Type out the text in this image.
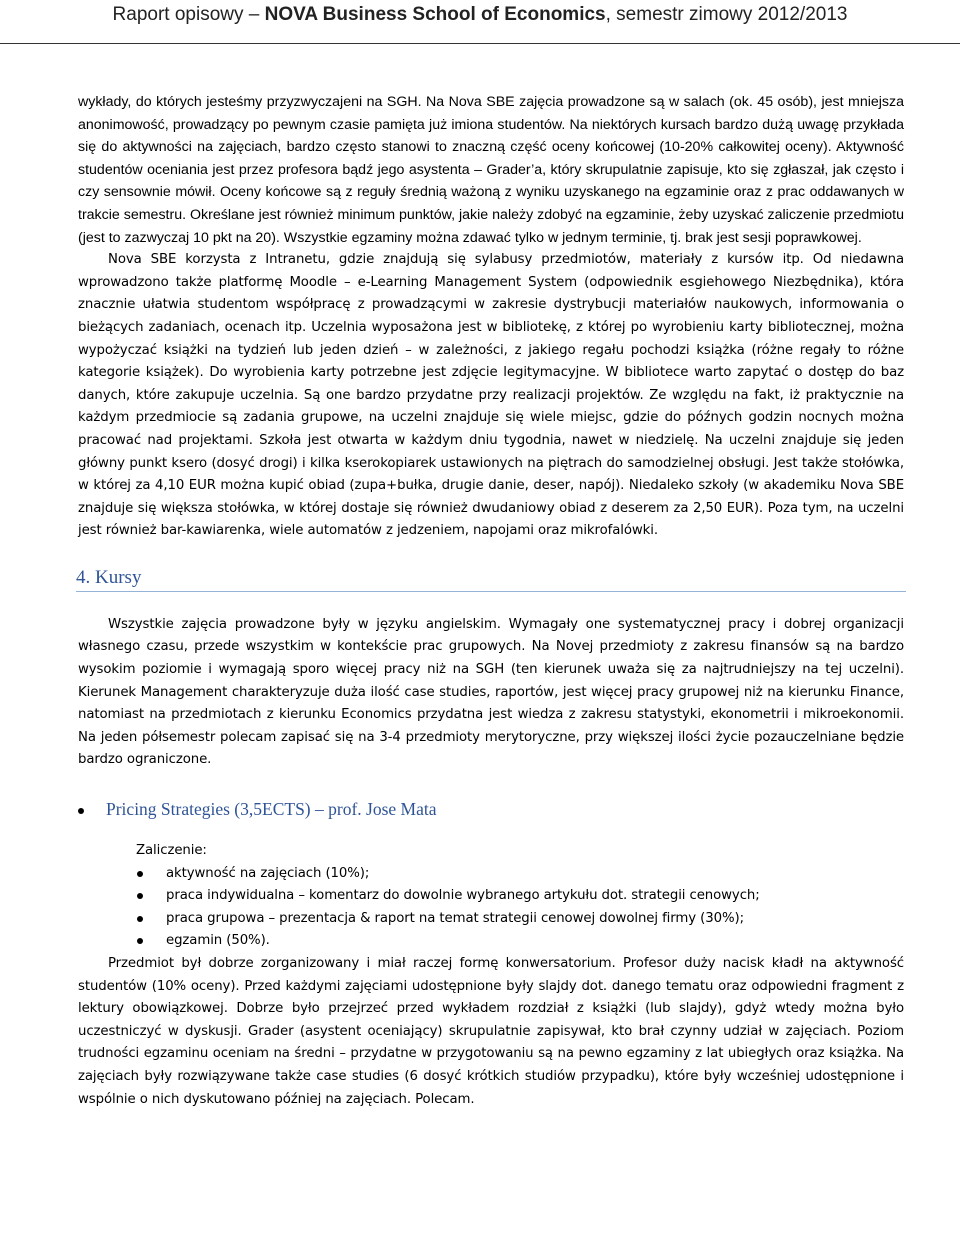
Raport opisowy – NOVA Business School of Economics, semestr zimowy 2012/2013

wykłady, do których jesteśmy przyzwyczajeni na SGH. Na Nova SBE zajęcia prowadzone są w salach (ok. 45 osób), jest mniejsza anonimowość, prowadzący po pewnym czasie pamięta już imiona studentów. Na niektórych kursach bardzo dużą uwagę przykłada się do aktywności na zajęciach, bardzo często stanowi to znaczną część oceny końcowej (10-20% całkowitej oceny). Aktywność studentów oceniania jest przez profesora bądź jego asystenta – Grader’a, który skrupulatnie zapisuje, kto się zgłaszał, jak często i czy sensownie mówił. Oceny końcowe są z reguły średnią ważoną z wyniku uzyskanego na egzaminie oraz z prac oddawanych w trakcie semestru. Określane jest również minimum punktów, jakie należy zdobyć na egzaminie, żeby uzyskać zaliczenie przedmiotu (jest to zazwyczaj 10 pkt na 20). Wszystkie egzaminy można zdawać tylko w jednym terminie, tj. brak jest sesji poprawkowej.

Nova SBE korzysta z Intranetu, gdzie znajdują się sylabusy przedmiotów, materiały z kursów itp. Od niedawna wprowadzono także platformę Moodle – e-Learning Management System (odpowiednik esgiehowego Niezbędnika), która znacznie ułatwia studentom współpracę z prowadzącymi w zakresie dystrybucji materiałów naukowych, informowania o bieżących zadaniach, ocenach itp. Uczelnia wyposażona jest w bibliotekę, z której po wyrobieniu karty bibliotecznej, można wypożyczać książki na tydzień lub jeden dzień – w zależności, z jakiego regału pochodzi książka (różne regały to różne kategorie książek). Do wyrobienia karty potrzebne jest zdjęcie legitymacyjne. W bibliotece warto zapytać o dostęp do baz danych, które zakupuje uczelnia. Są one bardzo przydatne przy realizacji projektów. Ze względu na fakt, iż praktycznie na każdym przedmiocie są zadania grupowe, na uczelni znajduje się wiele miejsc, gdzie do późnych godzin nocnych można pracować nad projektami. Szkoła jest otwarta w każdym dniu tygodnia, nawet w niedzielę. Na uczelni znajduje się jeden główny punkt ksero (dosyć drogi) i kilka kserokopiarek ustawionych na piętrach do samodzielnej obsługi. Jest także stołówka, w której za 4,10 EUR można kupić obiad (zupa+bułka, drugie danie, deser, napój). Niedaleko szkoły (w akademiku Nova SBE znajduje się większa stołówka, w której dostaje się również dwudaniowy obiad z deserem za 2,50 EUR). Poza tym, na uczelni jest również bar-kawiarenka, wiele automatów z jedzeniem, napojami oraz mikrofalówki.

4. Kursy

Wszystkie zajęcia prowadzone były w języku angielskim. Wymagały one systematycznej pracy i dobrej organizacji własnego czasu, przede wszystkim w kontekście prac grupowych. Na Novej przedmioty z zakresu finansów są na bardzo wysokim poziomie i wymagają sporo więcej pracy niż na SGH (ten kierunek uważa się za najtrudniejszy na tej uczelni). Kierunek Management charakteryzuje duża ilość case studies, raportów, jest więcej pracy grupowej niż na kierunku Finance, natomiast na przedmiotach z kierunku Economics przydatna jest wiedza z zakresu statystyki, ekonometrii i mikroekonomii. Na jeden półsemestr polecam zapisać się na 3-4 przedmioty merytoryczne, przy większej ilości życie pozauczelniane będzie bardzo ograniczone.

Pricing Strategies (3,5ECTS) – prof. Jose Mata
Zaliczenie:
aktywność na zajęciach (10%);
praca indywidualna – komentarz do dowolnie wybranego artykułu dot. strategii cenowych;
praca grupowa – prezentacja & raport na temat strategii cenowej dowolnej firmy (30%);
egzamin (50%).

Przedmiot był dobrze zorganizowany i miał raczej formę konwersatorium. Profesor duży nacisk kładł na aktywność studentów (10% oceny). Przed każdymi zajęciami udostępnione były slajdy dot. danego tematu oraz odpowiedni fragment z lektury obowiązkowej. Dobrze było przejrzeć przed wykładem rozdział z książki (lub slajdy), gdyż wtedy można było uczestniczyć w dyskusji. Grader (asystent oceniający) skrupulatnie zapisywał, kto brał czynny udział w zajęciach. Poziom trudności egzaminu oceniam na średni – przydatne w przygotowaniu są na pewno egzaminy z lat ubiegłych oraz książka. Na zajęciach były rozwiązywane także case studies (6 dosyć krótkich studiów przypadku), które były wcześniej udostępnione i wspólnie o nich dyskutowano później na zajęciach. Polecam.
